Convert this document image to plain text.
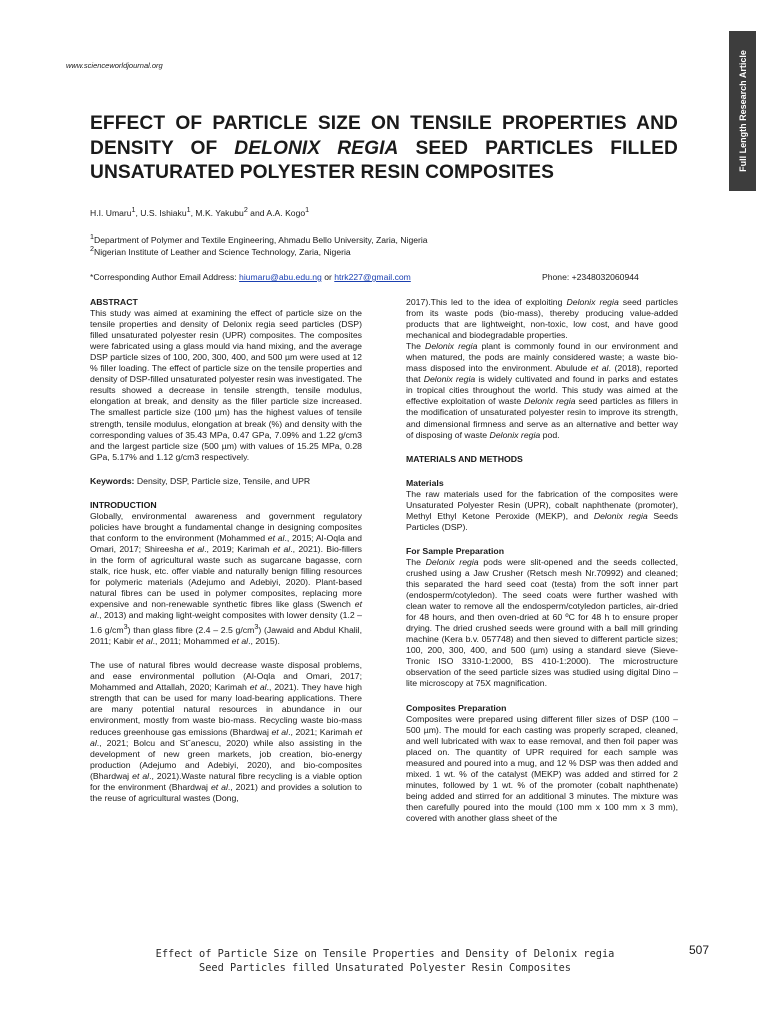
www.scienceworldjournal.org	Full Length Research Article
EFFECT OF PARTICLE SIZE ON TENSILE PROPERTIES AND DENSITY OF DELONIX REGIA SEED PARTICLES FILLED UNSATURATED POLYESTER RESIN COMPOSITES
H.I. Umaru$^1$, U.S. Ishiaku$^1$, M.K. Yakubu$^2$ and A.A. Kogo$^1$
$^1$Department of Polymer and Textile Engineering, Ahmadu Bello University, Zaria, Nigeria
$^2$Nigerian Institute of Leather and Science Technology, Zaria, Nigeria
*Corresponding Author Email Address: hiumaru@abu.edu.ng or htrk227@gmail.com	Phone: +2348032060944
ABSTRACT

This study was aimed at examining the effect of particle size on the tensile properties and density of Delonix regia seed particles (DSP) filled unsaturated polyester resin (UPR) composites. The composites were fabricated using a glass mould via hand mixing, and the average DSP particle sizes of 100, 200, 300, 400, and 500 µm were used at 12 % filler loading. The effect of particle size on the tensile properties and density of DSP-filled unsaturated polyester resin was investigated. The results showed a decrease in tensile strength, tensile modulus, elongation at break, and density as the filler particle size increased. The smallest particle size (100 µm) has the highest values of tensile strength, tensile modulus, elongation at break (%) and density with the corresponding values of 35.43 MPa, 0.47 GPa, 7.09% and 1.22 g/cm3 and the largest particle size (500 µm) with values of 15.25 MPa, 0.28 GPa, 5.17% and 1.12 g/cm3 respectively.

Keywords: Density, DSP, Particle size, Tensile, and UPR

INTRODUCTION

Globally, environmental awareness and government regulatory policies have brought a fundamental change in designing composites that conform to the environment (Mohammed et al., 2015; Al-Oqla and Omari, 2017; Shireesha et al., 2019; Karimah et al., 2021). Bio-fillers in the form of agricultural waste such as sugarcane bagasse, corn stalk, rice husk, etc. offer viable and naturally benign filling resources for polymeric materials (Adejumo and Adebiyi, 2020). Plant-based natural fibres can be used in polymer composites, replacing more expensive and non-renewable synthetic fibres like glass (Swench et al., 2013) and making light-weight composites with lower density (1.2 – 1.6 $g/cm^3$) than glass fibre (2.4 – 2.5 $g/cm^3$) (Jawaid and Abdul Khalil, 2011; Kabir et al., 2011; Mohammed et al., 2015).

The use of natural fibres would decrease waste disposal problems, and ease environmental pollution (Al-Oqla and Omari, 2017; Mohammed and Attallah, 2020; Karimah et al., 2021). They have high strength that can be used for many load-bearing applications. There are many potential natural resources in abundance in our environment, mostly from waste bio-mass. Recycling waste bio-mass reduces greenhouse gas emissions (Bhardwaj et al., 2021; Karimah et al., 2021; Bolcu and St˘anescu, 2020) while also assisting in the development of new green markets, job creation, bio-energy production (Adejumo and Adebiyi, 2020), and bio-composites (Bhardwaj et al., 2021).Waste natural fibre recycling is a viable option for the environment (Bhardwaj et al., 2021) and provides a solution to the reuse of agricultural wastes (Dong,

2017).This led to the idea of exploiting Delonix regia seed particles from its waste pods (bio-mass), thereby producing value-added products that are lightweight, non-toxic, low cost, and have good mechanical and biodegradable properties.

The Delonix regia plant is commonly found in our environment and when matured, the pods are mainly considered waste; a waste bio-mass disposed into the environment. Abulude et al. (2018), reported that Delonix regia is widely cultivated and found in parks and estates in tropical cities throughout the world. This study was aimed at the effective exploitation of waste Delonix regia seed particles as fillers in the modification of unsaturated polyester resin to improve its strength, and dimensional firmness and serve as an alternative and better way of disposing of waste Delonix regia pod.

MATERIALS AND METHODS
Materials

The raw materials used for the fabrication of the composites were Unsaturated Polyester Resin (UPR), cobalt naphthenate (promoter), Methyl Ethyl Ketone Peroxide (MEKP), and Delonix regia Seeds Particles (DSP).

For Sample Preparation

The Delonix regia pods were slit-opened and the seeds collected, crushed using a Jaw Crusher (Retsch mesh Nr.70992) and cleaned; this separated the hard seed coat (testa) from the soft inner part (endosperm/cotyledon). The seed coats were further washed with clean water to remove all the endosperm/cotyledon particles, air-dried for 48 hours, and then oven-dried at 60 ºC for 48 h to ensure proper drying. The dried crushed seeds were ground with a ball mill grinding machine (Kera b.v. 057748) and then sieved to different particle sizes; 100, 200, 300, 400, and 500 (µm) using a standard sieve (Sieve-Tronic ISO 3310-1:2000, BS 410-1:2000). The microstructure observation of the seed particle sizes was studied using digital Dino – lite microscopy at 75X magnification.

Composites Preparation

Composites were prepared using different filler sizes of DSP (100 – 500 µm). The mould for each casting was properly scraped, cleaned, and well lubricated with wax to ease removal, and then foil paper was placed on. The quantity of UPR required for each sample was measured and poured into a mug, and 12 % DSP was then added and mixed. 1 wt. % of the catalyst (MEKP) was added and stirred for 2 minutes, followed by 1 wt. % of the promoter (cobalt naphthenate) being added and stirred for an additional 3 minutes. The mixture was then carefully poured into the mould (100 mm x 100 mm x 3 mm), covered with another glass sheet of the

Effect of Particle Size on Tensile Properties and Density of Delonix regia
Seed Particles filled Unsaturated Polyester Resin Composites
507
